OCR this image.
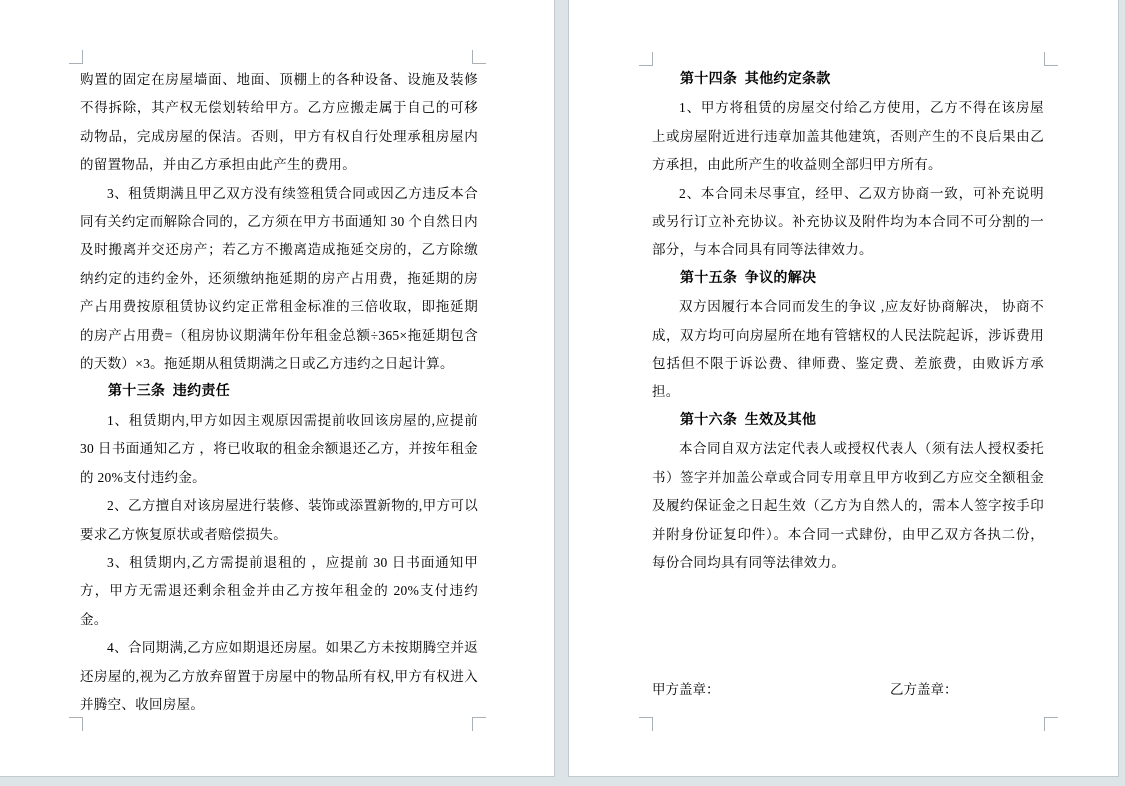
购置的固定在房屋墙面、地面、顶棚上的各种设备、设施及装修不得拆除，其产权无偿划转给甲方。乙方应搬走属于自己的可移动物品，完成房屋的保洁。否则，甲方有权自行处理承租房屋内的留置物品，并由乙方承担由此产生的费用。

3、租赁期满且甲乙双方没有续签租赁合同或因乙方违反本合同有关约定而解除合同的，乙方须在甲方书面通知 30 个自然日内及时搬离并交还房产；若乙方不搬离造成拖延交房的，乙方除缴纳约定的违约金外，还须缴纳拖延期的房产占用费，拖延期的房产占用费按原租赁协议约定正常租金标准的三倍收取，即拖延期的房产占用费=（租房协议期满年份年租金总额÷365×拖延期包含的天数）×3。拖延期从租赁期满之日或乙方违约之日起计算。

第十三条  违约责任

1、租赁期内,甲方如因主观原因需提前收回该房屋的,应提前 30 日书面通知乙方 ，将已收取的租金余额退还乙方，并按年租金的 20%支付违约金。

2、乙方擅自对该房屋进行装修、装饰或添置新物的,甲方可以要求乙方恢复原状或者赔偿损失。

3、租赁期内,乙方需提前退租的 ，应提前 30 日书面通知甲方，甲方无需退还剩余租金并由乙方按年租金的 20%支付违约金。

4、合同期满,乙方应如期退还房屋。如果乙方未按期腾空并返还房屋的,视为乙方放弃留置于房屋中的物品所有权,甲方有权进入并腾空、收回房屋。

第十四条  其他约定条款

1、甲方将租赁的房屋交付给乙方使用，乙方不得在该房屋上或房屋附近进行违章加盖其他建筑，否则产生的不良后果由乙方承担，由此所产生的收益则全部归甲方所有。

2、本合同未尽事宜，经甲、乙双方协商一致，可补充说明或另行订立补充协议。补充协议及附件均为本合同不可分割的一部分，与本合同具有同等法律效力。

第十五条  争议的解决

双方因履行本合同而发生的争议 ,应友好协商解决， 协商不成，双方均可向房屋所在地有管辖权的人民法院起诉，涉诉费用包括但不限于诉讼费、律师费、鉴定费、差旅费，由败诉方承担。

第十六条  生效及其他

本合同自双方法定代表人或授权代表人（须有法人授权委托书）签字并加盖公章或合同专用章且甲方收到乙方应交全额租金及履约保证金之日起生效（乙方为自然人的，需本人签字按手印并附身份证复印件）。本合同一式肆份，由甲乙双方各执二份，每份合同均具有同等法律效力。

甲方盖章：	乙方盖章：
